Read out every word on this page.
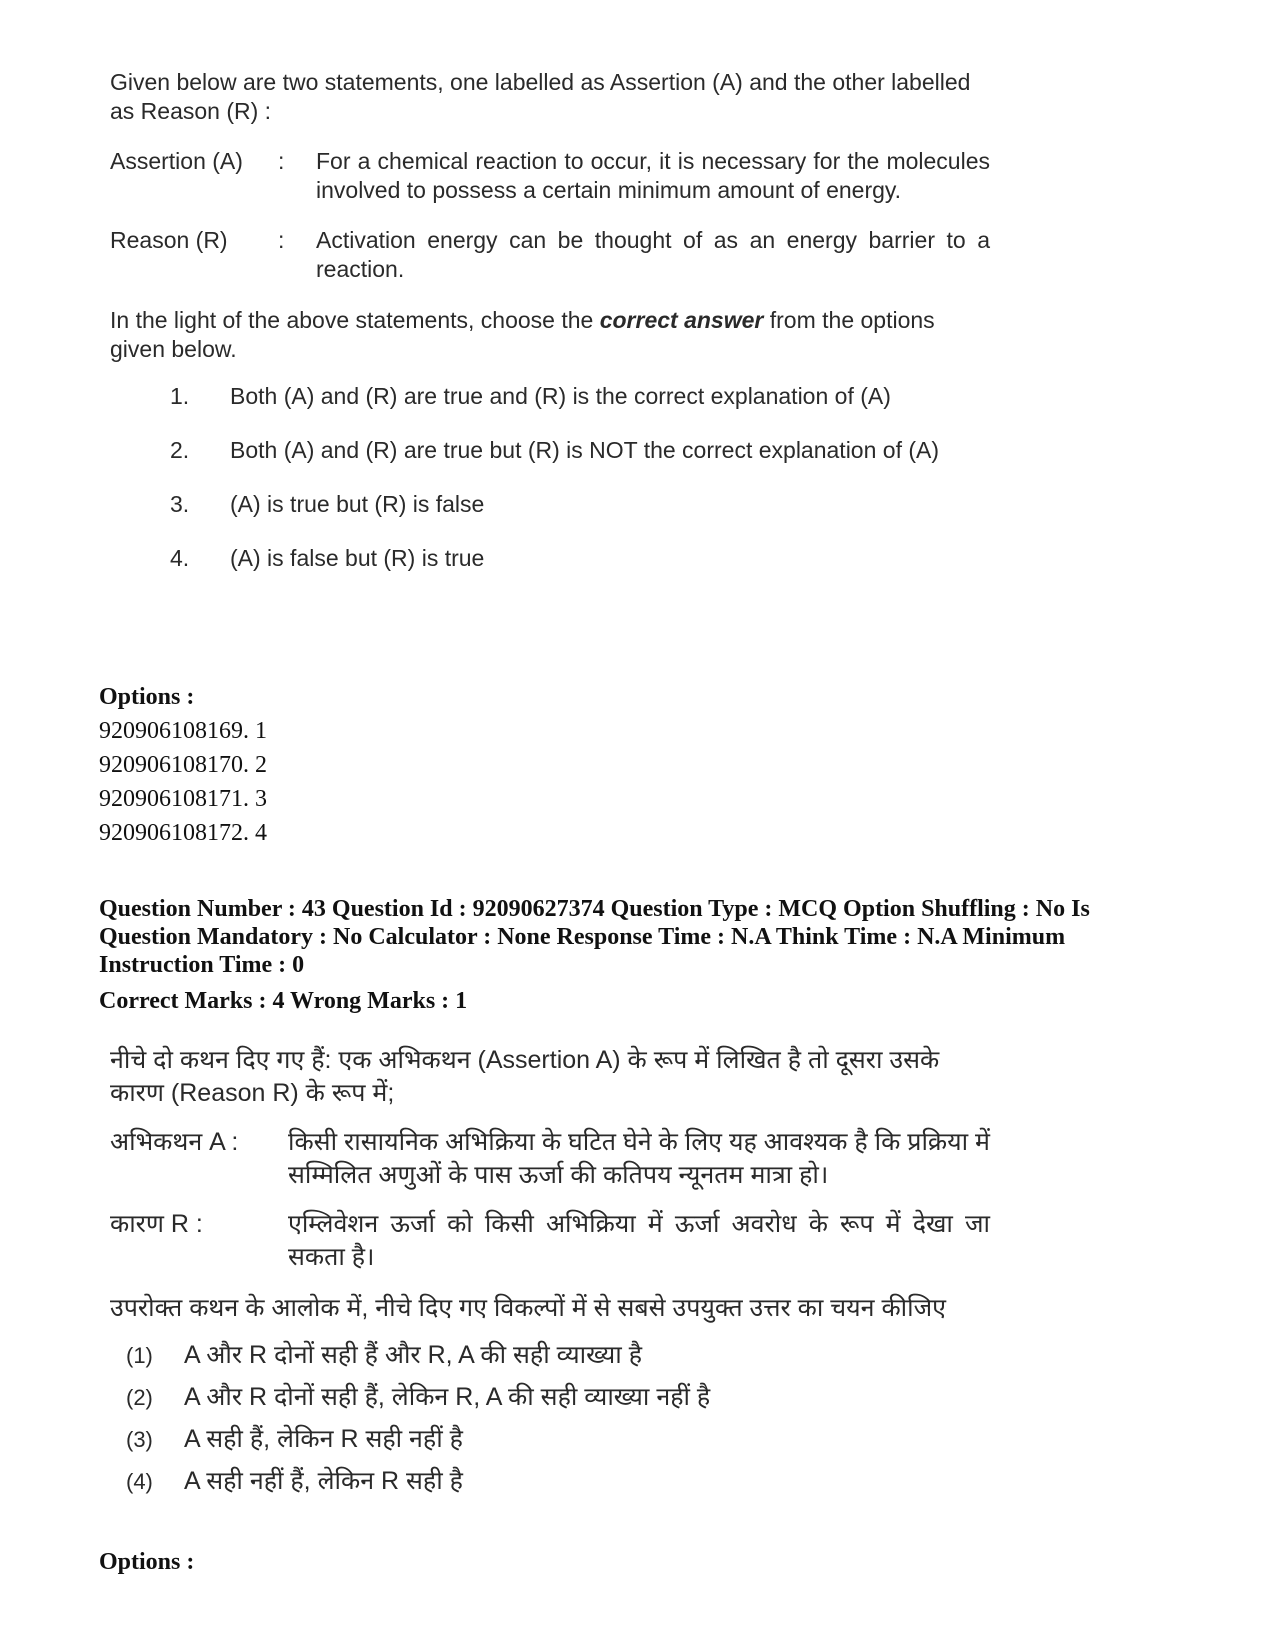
Given below are two statements, one labelled as Assertion (A) and the other labelled as Reason (R) :

Assertion (A)	:	For a chemical reaction to occur, it is necessary for the molecules involved to possess a certain minimum amount of energy.
Reason (R)	:	Activation energy can be thought of as an energy barrier to a reaction.
In the light of the above statements, choose the correct answer from the options given below.
1.	Both (A) and (R) are true and (R) is the correct explanation of (A)
2.	Both (A) and (R) are true but (R) is NOT the correct explanation of (A)
3.	(A) is true but (R) is false
4.	(A) is false but (R) is true
Options :
920906108169. 1
920906108170. 2
920906108171. 3
920906108172. 4
Question Number : 43 Question Id : 92090627374 Question Type : MCQ Option Shuffling : No Is Question Mandatory : No Calculator : None Response Time : N.A Think Time : N.A Minimum Instruction Time : 0
Correct Marks : 4 Wrong Marks : 1

नीचे दो कथन दिए गए हैं: एक अभिकथन (Assertion A) के रूप में लिखित है तो दूसरा उसके कारण (Reason R) के रूप में;

अभिकथन A :	किसी रासायनिक अभिक्रिया के घटित घेने के लिए यह आवश्यक है कि प्रक्रिया में सम्मिलित अणुओं के पास ऊर्जा की कतिपय न्यूनतम मात्रा हो।
कारण R :	एम्लिवेशन ऊर्जा को किसी अभिक्रिया में ऊर्जा अवरोध के रूप में देखा जा सकता है।
उपरोक्त कथन के आलोक में, नीचे दिए गए विकल्पों में से सबसे उपयुक्त उत्तर का चयन कीजिए
(1)	A और R दोनों सही हैं और R, A की सही व्याख्या है
(2)	A और R दोनों सही हैं, लेकिन R, A की सही व्याख्या नहीं है
(3)	A सही हैं, लेकिन R सही नहीं है
(4)	A सही नहीं हैं, लेकिन R सही है
Options :
